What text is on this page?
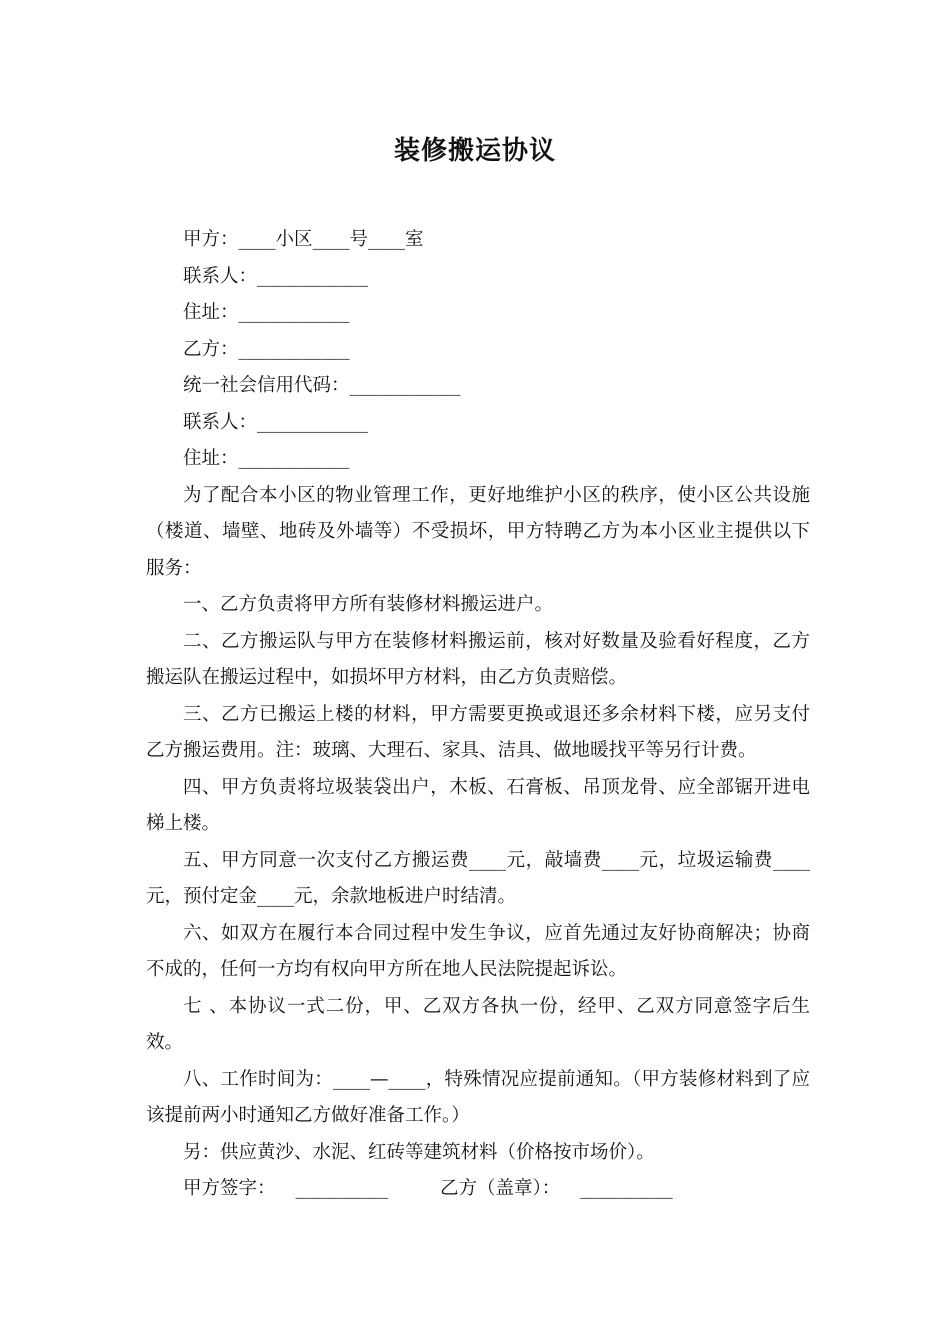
装修搬运协议
甲方：____小区____号____室
联系人：____________
住址：____________
乙方：____________
统一社会信用代码：____________
联系人：____________
住址：____________

为了配合本小区的物业管理工作，更好地维护小区的秩序，使小区公共设施（楼道、墙壁、地砖及外墙等）不受损坏，甲方特聘乙方为本小区业主提供以下服务：

一、乙方负责将甲方所有装修材料搬运进户。

二、乙方搬运队与甲方在装修材料搬运前，核对好数量及验看好程度，乙方搬运队在搬运过程中，如损坏甲方材料，由乙方负责赔偿。

三、乙方已搬运上楼的材料，甲方需要更换或退还多余材料下楼，应另支付乙方搬运费用。注：玻璃、大理石、家具、洁具、做地暖找平等另行计费。

四、甲方负责将垃圾装袋出户，木板、石膏板、吊顶龙骨、应全部锯开进电梯上楼。

五、甲方同意一次支付乙方搬运费____元，敲墙费____元，垃圾运输费____元，预付定金____元，余款地板进户时结清。

六、如双方在履行本合同过程中发生争议，应首先通过友好协商解决；协商不成的，任何一方均有权向甲方所在地人民法院提起诉讼。

七 、本协议一式二份，甲、乙双方各执一份，经甲、乙双方同意签字后生效。

八、工作时间为：____—____，特殊情况应提前通知。（甲方装修材料到了应该提前两小时通知乙方做好准备工作。）

另：供应黄沙、水泥、红砖等建筑材料（价格按市场价）。

甲方签字： __________	乙方（盖章）： __________
